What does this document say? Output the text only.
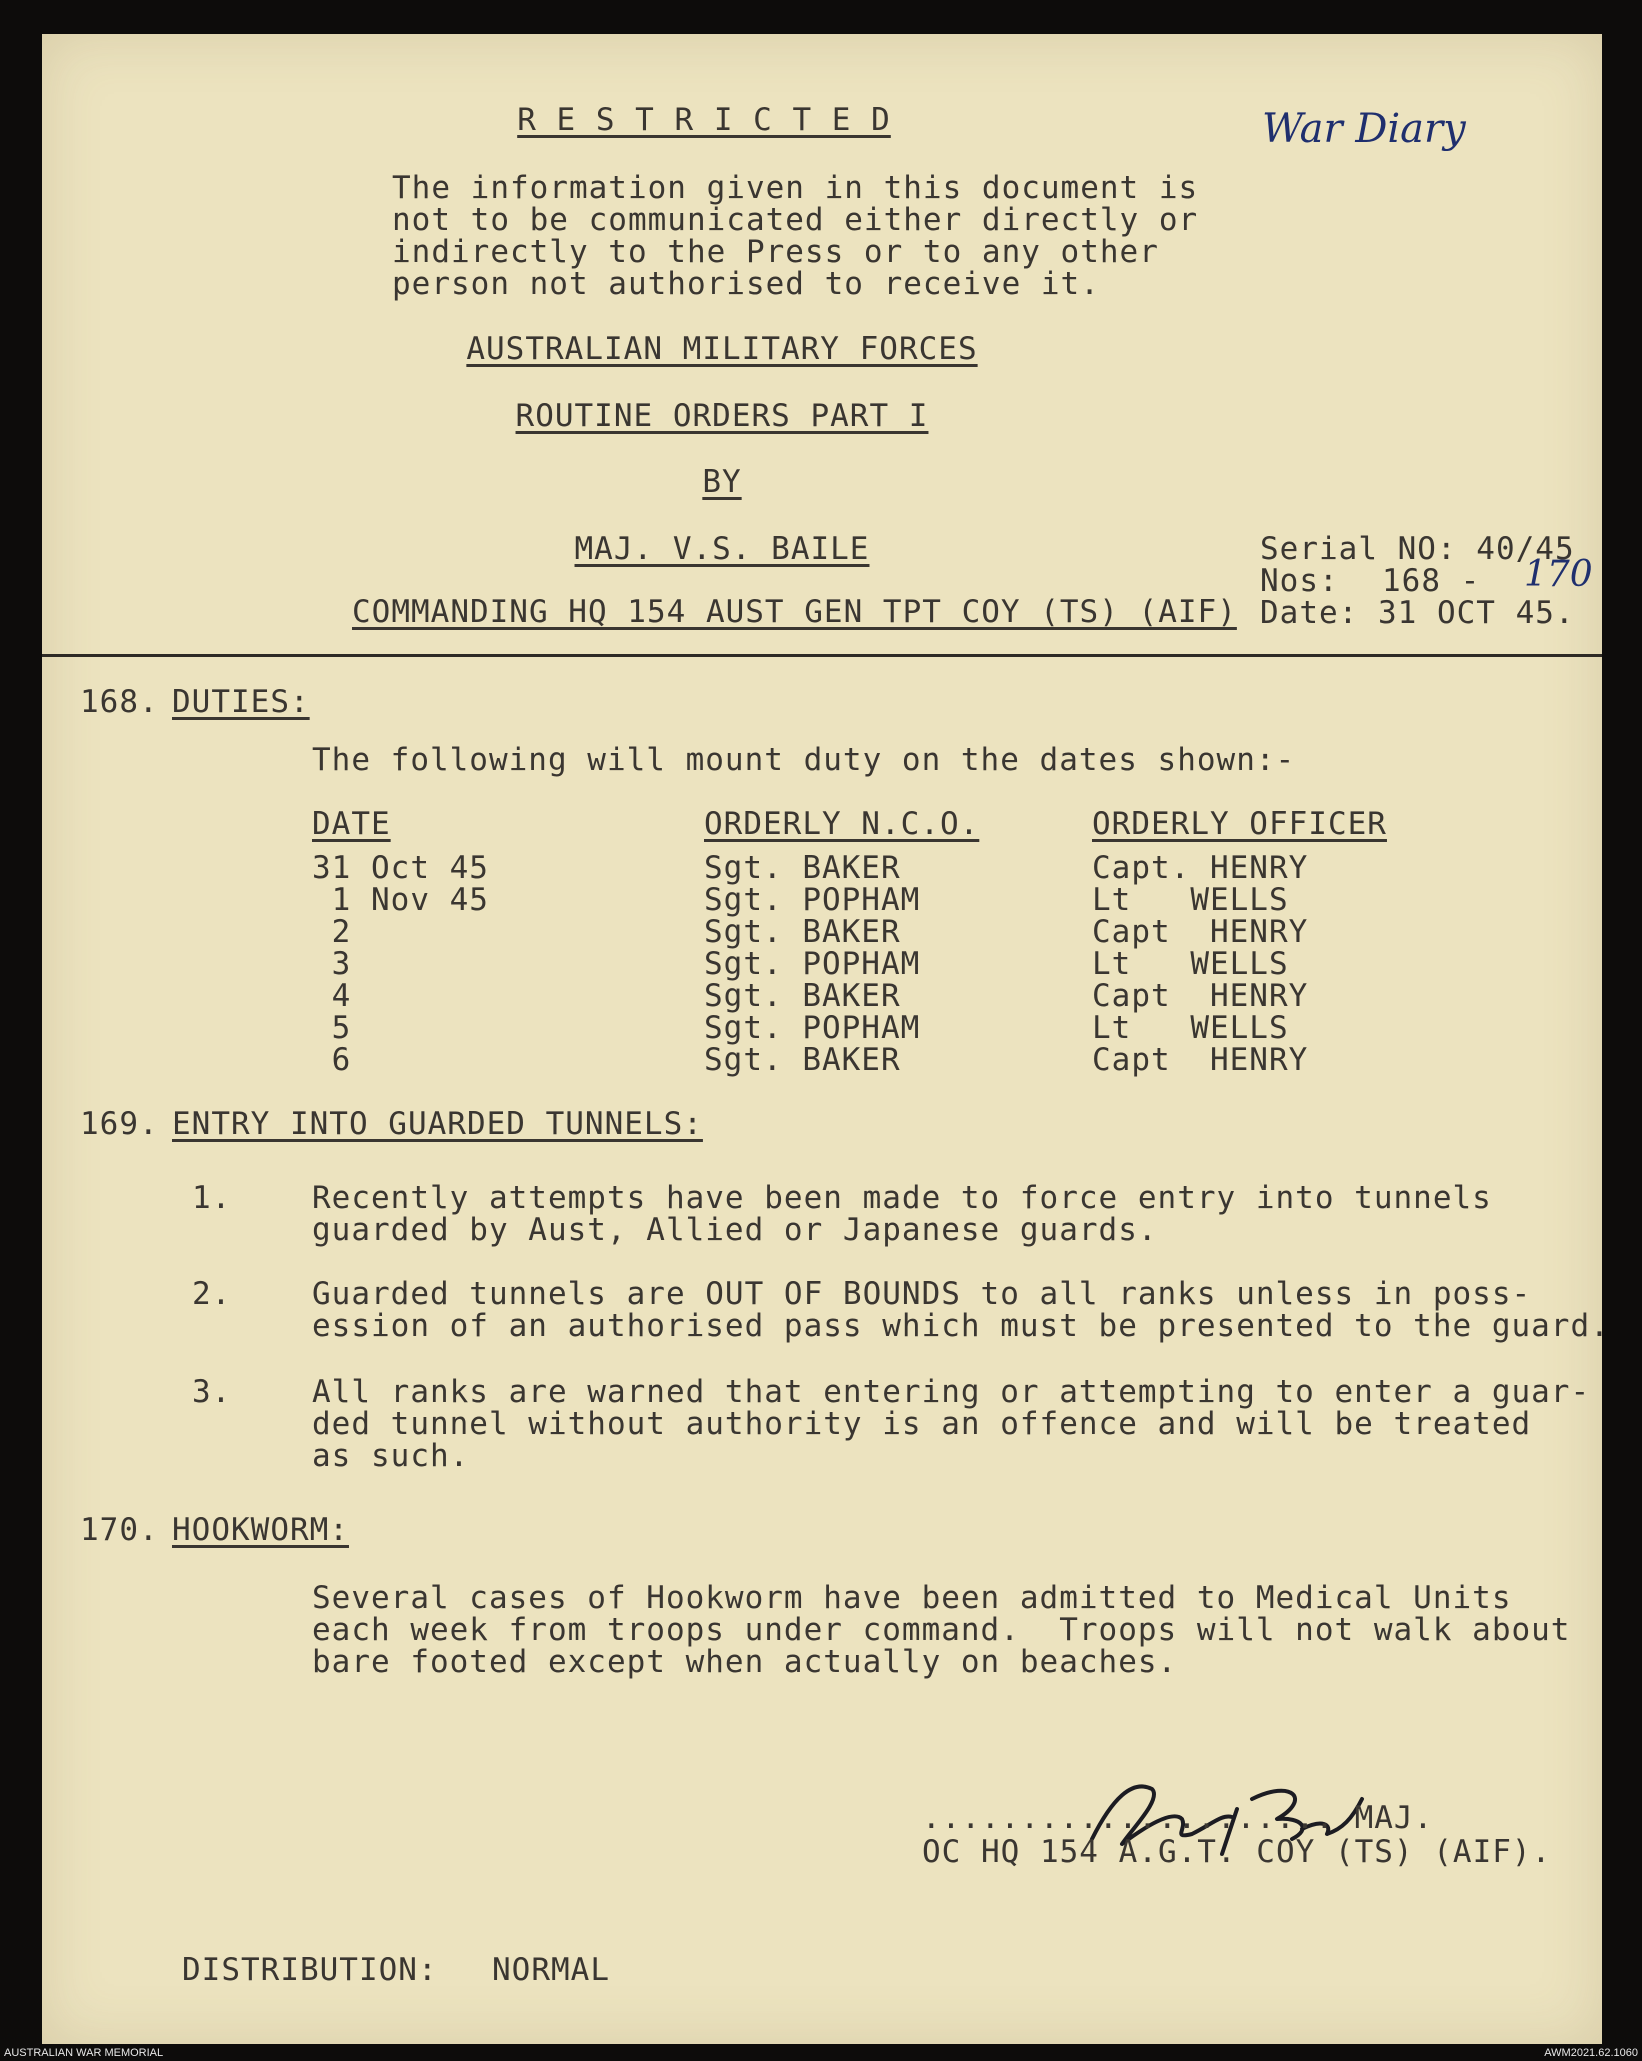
R E S T R I C T E D	War Diary
The information given in this document is
not to be communicated either directly or
indirectly to the Press or to any other
person not authorised to receive it.
AUSTRALIAN MILITARY FORCES
ROUTINE ORDERS PART I
BY
MAJ. V.S. BAILE
COMMANDING HQ 154 AUST GEN TPT COY (TS) (AIF)
Serial NO: 40/45
Nos: 168 - 170
Date: 31 OCT 45.
168. DUTIES:
The following will mount duty on the dates shown:-
DATE	ORDERLY N.C.O.	ORDERLY OFFICER
31 Oct 45	Sgt. BAKER	Capt. HENRY
1 Nov 45	Sgt. POPHAM	Lt   WELLS
2	Sgt. BAKER	Capt  HENRY
3	Sgt. POPHAM	Lt   WELLS
4	Sgt. BAKER	Capt  HENRY
5	Sgt. POPHAM	Lt   WELLS
6	Sgt. BAKER	Capt  HENRY
169. ENTRY INTO GUARDED TUNNELS:
1.	Recently attempts have been made to force entry into tunnels
guarded by Aust, Allied or Japanese guards.
2.	Guarded tunnels are OUT OF BOUNDS to all ranks unless in poss-
ession of an authorised pass which must be presented to the guard.
3.	All ranks are warned that entering or attempting to enter a guar-
ded tunnel without authority is an offence and will be treated
as such.
170. HOOKWORM:
Several cases of Hookworm have been admitted to Medical Units
each week from troops under command.  Troops will not walk about
bare footed except when actually on beaches.
..................... MAJ.
OC HQ 154 A.G.T. COY (TS) (AIF).
DISTRIBUTION: NORMAL
AUSTRALIAN WAR MEMORIAL	AWM2021.62.1060
